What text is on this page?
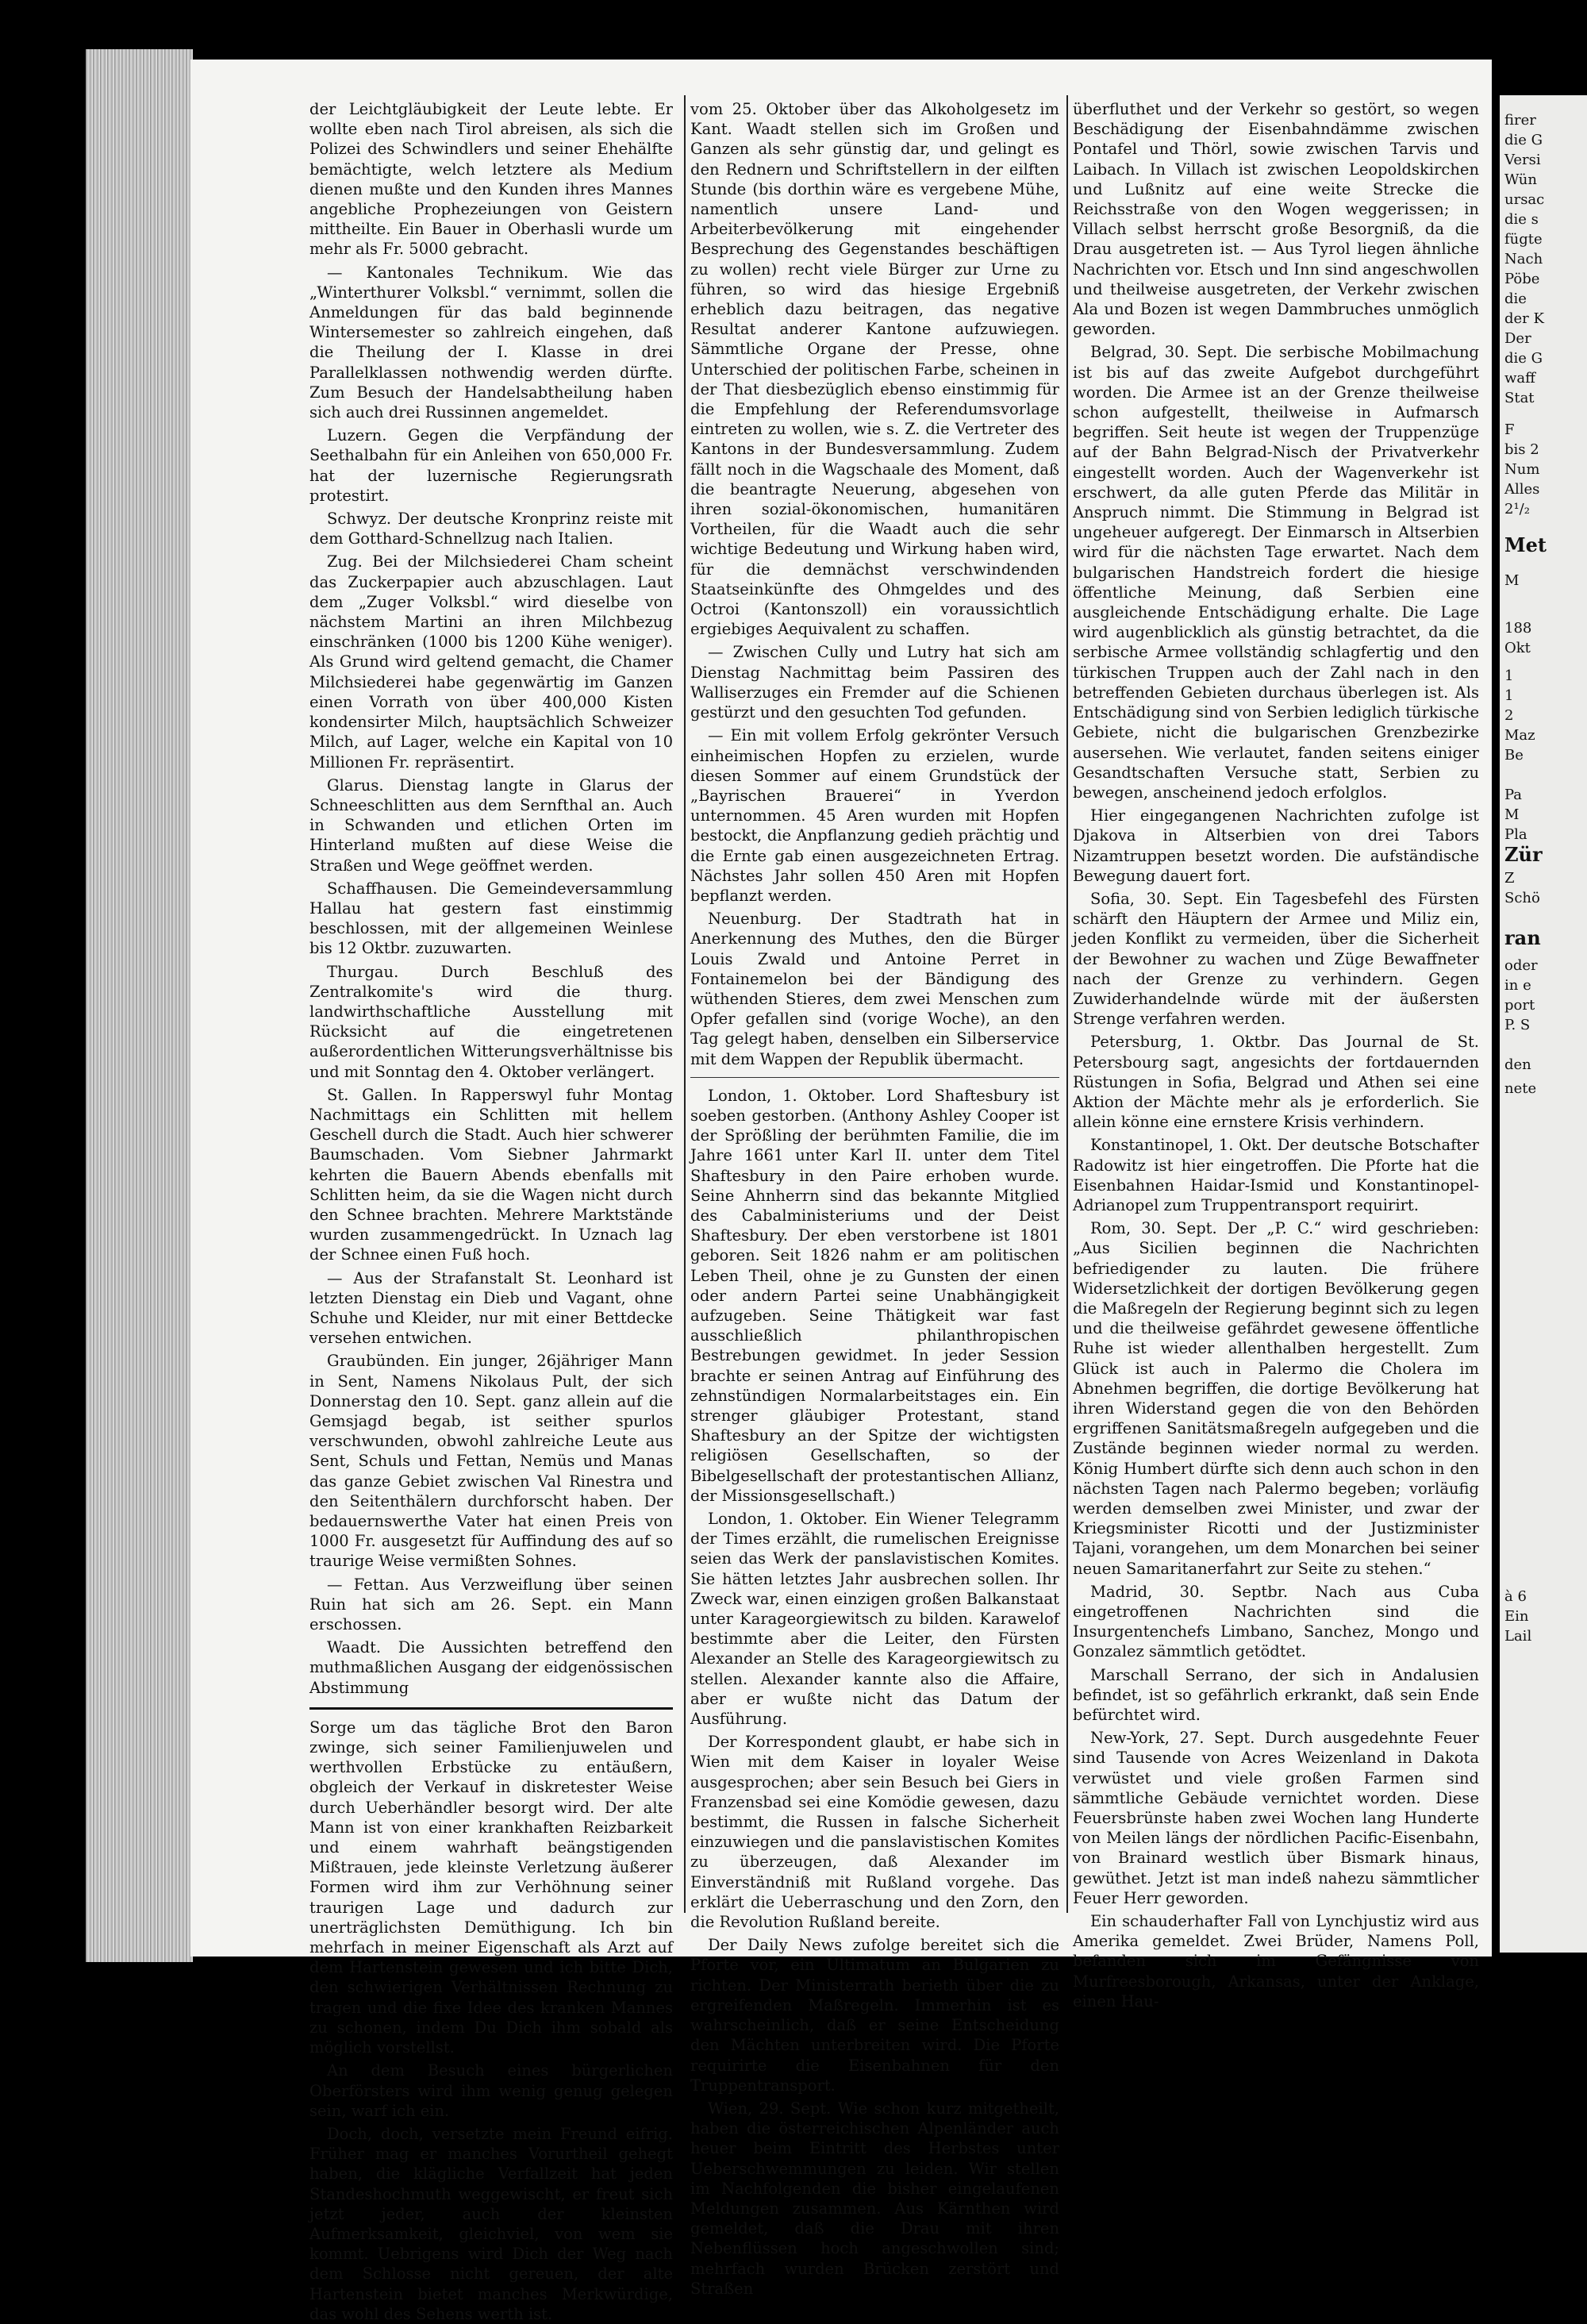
der Leichtgläubigkeit der Leute lebte. Er wollte eben nach Tirol abreisen, als sich die Polizei des Schwindlers und seiner Ehehälfte bemächtigte, welch letztere als Medium dienen mußte und den Kunden ihres Mannes angebliche Prophezeiungen von Geistern mittheilte. Ein Bauer in Oberhasli wurde um mehr als Fr. 5000 gebracht.

— Kantonales Technikum. Wie das „Winterthurer Volksbl.“ vernimmt, sollen die Anmeldungen für das bald beginnende Wintersemester so zahlreich eingehen, daß die Theilung der I. Klasse in drei Parallelklassen nothwendig werden dürfte. Zum Besuch der Handelsabtheilung haben sich auch drei Russinnen angemeldet.

Luzern. Gegen die Verpfändung der Seethalbahn für ein Anleihen von 650,000 Fr. hat der luzernische Regierungsrath protestirt.

Schwyz. Der deutsche Kronprinz reiste mit dem Gotthard-Schnellzug nach Italien.

Zug. Bei der Milchsiederei Cham scheint das Zuckerpapier auch abzuschlagen. Laut dem „Zuger Volksbl.“ wird dieselbe von nächstem Martini an ihren Milchbezug einschränken (1000 bis 1200 Kühe weniger). Als Grund wird geltend gemacht, die Chamer Milchsiederei habe gegenwärtig im Ganzen einen Vorrath von über 400,000 Kisten kondensirter Milch, hauptsächlich Schweizer Milch, auf Lager, welche ein Kapital von 10 Millionen Fr. repräsentirt.

Glarus. Dienstag langte in Glarus der Schneeschlitten aus dem Sernfthal an. Auch in Schwanden und etlichen Orten im Hinterland mußten auf diese Weise die Straßen und Wege geöffnet werden.

Schaffhausen. Die Gemeindeversammlung Hallau hat gestern fast einstimmig beschlossen, mit der allgemeinen Weinlese bis 12 Oktbr. zuzuwarten.

Thurgau. Durch Beschluß des Zentralkomite's wird die thurg. landwirthschaftliche Ausstellung mit Rücksicht auf die eingetretenen außerordentlichen Witterungsverhältnisse bis und mit Sonntag den 4. Oktober verlängert.

St. Gallen. In Rapperswyl fuhr Montag Nachmittags ein Schlitten mit hellem Geschell durch die Stadt. Auch hier schwerer Baumschaden. Vom Siebner Jahrmarkt kehrten die Bauern Abends ebenfalls mit Schlitten heim, da sie die Wagen nicht durch den Schnee brachten. Mehrere Marktstände wurden zusammengedrückt. In Uznach lag der Schnee einen Fuß hoch.

— Aus der Strafanstalt St. Leonhard ist letzten Dienstag ein Dieb und Vagant, ohne Schuhe und Kleider, nur mit einer Bettdecke versehen entwichen.

Graubünden. Ein junger, 26jähriger Mann in Sent, Namens Nikolaus Pult, der sich Donnerstag den 10. Sept. ganz allein auf die Gemsjagd begab, ist seither spurlos verschwunden, obwohl zahlreiche Leute aus Sent, Schuls und Fettan, Nemüs und Manas das ganze Gebiet zwischen Val Rinestra und den Seitenthälern durchforscht haben. Der bedauernswerthe Vater hat einen Preis von 1000 Fr. ausgesetzt für Auffindung des auf so traurige Weise vermißten Sohnes.

— Fettan. Aus Verzweiflung über seinen Ruin hat sich am 26. Sept. ein Mann erschossen.

Waadt. Die Aussichten betreffend den muthmaßlichen Ausgang der eidgenössischen Abstimmung

Sorge um das tägliche Brot den Baron zwinge, sich seiner Familienjuwelen und werthvollen Erbstücke zu entäußern, obgleich der Verkauf in diskretester Weise durch Ueberhändler besorgt wird. Der alte Mann ist von einer krankhaften Reizbarkeit und einem wahrhaft beängstigenden Mißtrauen, jede kleinste Verletzung äußerer Formen wird ihm zur Verhöhnung seiner traurigen Lage und dadurch zur unerträglichsten Demüthigung. Ich bin mehrfach in meiner Eigenschaft als Arzt auf dem Hartenstein gewesen und ich bitte Dich, den schwierigen Verhältnissen Rechnung zu tragen und die fixe Idee des kranken Mannes zu schonen, indem Du Dich ihm sobald als möglich vorstellst.

An dem Besuch eines bürgerlichen Oberförsters wird ihm wenig genug gelegen sein, warf ich ein.

Doch, doch, versetzte mein Freund eifrig. Früher mag er manches Vorurtheil gehegt haben, die klägliche Verfallzeit hat jeden Standeshochmuth weggewischt, er freut sich jetzt jeder, auch der kleinsten Aufmerksamkeit, gleichviel, von wem sie kommt. Uebrigens wird Dich der Weg nach dem Schlosse nicht gereuen, der alte Hartenstein bietet manches Merkwürdige, das wohl des Sehens werth ist.

vom 25. Oktober über das Alkoholgesetz im Kant. Waadt stellen sich im Großen und Ganzen als sehr günstig dar, und gelingt es den Rednern und Schriftstellern in der eilften Stunde (bis dorthin wäre es vergebene Mühe, namentlich unsere Land- und Arbeiterbevölkerung mit eingehender Besprechung des Gegenstandes beschäftigen zu wollen) recht viele Bürger zur Urne zu führen, so wird das hiesige Ergebniß erheblich dazu beitragen, das negative Resultat anderer Kantone aufzuwiegen. Sämmtliche Organe der Presse, ohne Unterschied der politischen Farbe, scheinen in der That diesbezüglich ebenso einstimmig für die Empfehlung der Referendumsvorlage eintreten zu wollen, wie s. Z. die Vertreter des Kantons in der Bundesversammlung. Zudem fällt noch in die Wagschaale des Moment, daß die beantragte Neuerung, abgesehen von ihren sozial-ökonomischen, humanitären Vortheilen, für die Waadt auch die sehr wichtige Bedeutung und Wirkung haben wird, für die demnächst verschwindenden Staatseinkünfte des Ohmgeldes und des Octroi (Kantonszoll) ein voraussichtlich ergiebiges Aequivalent zu schaffen.

— Zwischen Cully und Lutry hat sich am Dienstag Nachmittag beim Passiren des Walliserzuges ein Fremder auf die Schienen gestürzt und den gesuchten Tod gefunden.

— Ein mit vollem Erfolg gekrönter Versuch einheimischen Hopfen zu erzielen, wurde diesen Sommer auf einem Grundstück der „Bayrischen Brauerei“ in Yverdon unternommen. 45 Aren wurden mit Hopfen bestockt, die Anpflanzung gedieh prächtig und die Ernte gab einen ausgezeichneten Ertrag. Nächstes Jahr sollen 450 Aren mit Hopfen bepflanzt werden.

Neuenburg. Der Stadtrath hat in Anerkennung des Muthes, den die Bürger Louis Zwald und Antoine Perret in Fontainemelon bei der Bändigung des wüthenden Stieres, dem zwei Menschen zum Opfer gefallen sind (vorige Woche), an den Tag gelegt haben, denselben ein Silberservice mit dem Wappen der Republik übermacht.

London, 1. Oktober. Lord Shaftesbury ist soeben gestorben. (Anthony Ashley Cooper ist der Sprößling der berühmten Familie, die im Jahre 1661 unter Karl II. unter dem Titel Shaftesbury in den Paire erhoben wurde. Seine Ahnherrn sind das bekannte Mitglied des Cabalministeriums und der Deist Shaftesbury. Der eben verstorbene ist 1801 geboren. Seit 1826 nahm er am politischen Leben Theil, ohne je zu Gunsten der einen oder andern Partei seine Unabhängigkeit aufzugeben. Seine Thätigkeit war fast ausschließlich philanthropischen Bestrebungen gewidmet. In jeder Session brachte er seinen Antrag auf Einführung des zehnstündigen Normalarbeitstages ein. Ein strenger gläubiger Protestant, stand Shaftesbury an der Spitze der wichtigsten religiösen Gesellschaften, so der Bibelgesellschaft der protestantischen Allianz, der Missionsgesellschaft.)

London, 1. Oktober. Ein Wiener Telegramm der Times erzählt, die rumelischen Ereignisse seien das Werk der panslavistischen Komites. Sie hätten letztes Jahr ausbrechen sollen. Ihr Zweck war, einen einzigen großen Balkanstaat unter Karageorgiewitsch zu bilden. Karawelof bestimmte aber die Leiter, den Fürsten Alexander an Stelle des Karageorgiewitsch zu stellen. Alexander kannte also die Affaire, aber er wußte nicht das Datum der Ausführung.

Der Korrespondent glaubt, er habe sich in Wien mit dem Kaiser in loyaler Weise ausgesprochen; aber sein Besuch bei Giers in Franzensbad sei eine Komödie gewesen, dazu bestimmt, die Russen in falsche Sicherheit einzuwiegen und die panslavistischen Komites zu überzeugen, daß Alexander im Einverständniß mit Rußland vorgehe. Das erklärt die Ueberraschung und den Zorn, den die Revolution Rußland bereite.

Der Daily News zufolge bereitet sich die Pforte vor, ein Ultimatum an Bulgarien zu richten. Der Ministerrath berieth über die zu ergreifenden Maßregeln. Immerhin ist es wahrscheinlich, daß er seine Entscheidung den Mächten unterbreiten wird. Die Pforte requirirte die Eisenbahnen für den Truppentransport.

Wien, 29. Sept. Wie schon kurz mitgetheilt, haben die österreichischen Alpenländer auch heuer beim Eintritt des Herbstes unter Ueberschwemmungen zu leiden. Wir stellen im Nachfolgenden die bisher eingelaufenen Meldungen zusammen. Aus Kärnthen wird gemeldet, daß die Drau mit ihren Nebenflüssen hoch angeschwollen sind; mehrfach wurden Brücken zerstört und Straßen

überfluthet und der Verkehr so gestört, so wegen Beschädigung der Eisenbahndämme zwischen Pontafel und Thörl, sowie zwischen Tarvis und Laibach. In Villach ist zwischen Leopoldskirchen und Lußnitz auf eine weite Strecke die Reichsstraße von den Wogen weggerissen; in Villach selbst herrscht große Besorgniß, da die Drau ausgetreten ist. — Aus Tyrol liegen ähnliche Nachrichten vor. Etsch und Inn sind angeschwollen und theilweise ausgetreten, der Verkehr zwischen Ala und Bozen ist wegen Dammbruches unmöglich geworden.

Belgrad, 30. Sept. Die serbische Mobilmachung ist bis auf das zweite Aufgebot durchgeführt worden. Die Armee ist an der Grenze theilweise schon aufgestellt, theilweise in Aufmarsch begriffen. Seit heute ist wegen der Truppenzüge auf der Bahn Belgrad-Nisch der Privatverkehr eingestellt worden. Auch der Wagenverkehr ist erschwert, da alle guten Pferde das Militär in Anspruch nimmt. Die Stimmung in Belgrad ist ungeheuer aufgeregt. Der Einmarsch in Altserbien wird für die nächsten Tage erwartet. Nach dem bulgarischen Handstreich fordert die hiesige öffentliche Meinung, daß Serbien eine ausgleichende Entschädigung erhalte. Die Lage wird augenblicklich als günstig betrachtet, da die serbische Armee vollständig schlagfertig und den türkischen Truppen auch der Zahl nach in den betreffenden Gebieten durchaus überlegen ist. Als Entschädigung sind von Serbien lediglich türkische Gebiete, nicht die bulgarischen Grenzbezirke ausersehen. Wie verlautet, fanden seitens einiger Gesandtschaften Versuche statt, Serbien zu bewegen, anscheinend jedoch erfolglos.

Hier eingegangenen Nachrichten zufolge ist Djakova in Altserbien von drei Tabors Nizamtruppen besetzt worden. Die aufständische Bewegung dauert fort.

Sofia, 30. Sept. Ein Tagesbefehl des Fürsten schärft den Häuptern der Armee und Miliz ein, jeden Konflikt zu vermeiden, über die Sicherheit der Bewohner zu wachen und Züge Bewaffneter nach der Grenze zu verhindern. Gegen Zuwiderhandelnde würde mit der äußersten Strenge verfahren werden.

Petersburg, 1. Oktbr. Das Journal de St. Petersbourg sagt, angesichts der fortdauernden Rüstungen in Sofia, Belgrad und Athen sei eine Aktion der Mächte mehr als je erforderlich. Sie allein könne eine ernstere Krisis verhindern.

Konstantinopel, 1. Okt. Der deutsche Botschafter Radowitz ist hier eingetroffen. Die Pforte hat die Eisenbahnen Haidar-Ismid und Konstantinopel-Adrianopel zum Truppentransport requirirt.

Rom, 30. Sept. Der „P. C.“ wird geschrieben: „Aus Sicilien beginnen die Nachrichten befriedigender zu lauten. Die frühere Widersetzlichkeit der dortigen Bevölkerung gegen die Maßregeln der Regierung beginnt sich zu legen und die theilweise gefährdet gewesene öffentliche Ruhe ist wieder allenthalben hergestellt. Zum Glück ist auch in Palermo die Cholera im Abnehmen begriffen, die dortige Bevölkerung hat ihren Widerstand gegen die von den Behörden ergriffenen Sanitätsmaßregeln aufgegeben und die Zustände beginnen wieder normal zu werden. König Humbert dürfte sich denn auch schon in den nächsten Tagen nach Palermo begeben; vorläufig werden demselben zwei Minister, und zwar der Kriegsminister Ricotti und der Justizminister Tajani, vorangehen, um dem Monarchen bei seiner neuen Samaritanerfahrt zur Seite zu stehen.“

Madrid, 30. Septbr. Nach aus Cuba eingetroffenen Nachrichten sind die Insurgentenchefs Limbano, Sanchez, Mongo und Gonzalez sämmtlich getödtet.

Marschall Serrano, der sich in Andalusien befindet, ist so gefährlich erkrankt, daß sein Ende befürchtet wird.

New-York, 27. Sept. Durch ausgedehnte Feuer sind Tausende von Acres Weizenland in Dakota verwüstet und viele großen Farmen sind sämmtliche Gebäude vernichtet worden. Diese Feuersbrünste haben zwei Wochen lang Hunderte von Meilen längs der nördlichen Pacific-Eisenbahn, von Brainard westlich über Bismark hinaus, gewüthet. Jetzt ist man indeß nahezu sämmtlicher Feuer Herr geworden.

Ein schauderhafter Fall von Lynchjustiz wird aus Amerika gemeldet. Zwei Brüder, Namens Poll, befanden sich im Gefängnisse von Murfreesborough, Arkansas, unter der Anklage, einen Hau-

firer
die G
Versi
Wün
ursac
die s
fügte
Nach
Pöbe
die
der K
Der
die G
waff
Stat
F
bis 2
Num
Alles
2¹/₂
Met
M
188
Okt
1
1
2
Maz
Be
Pa
M
Pla
Zür
Z
Schö
ran
oder
in e
port
P. S
den
nete
à 6
Ein
Lail
